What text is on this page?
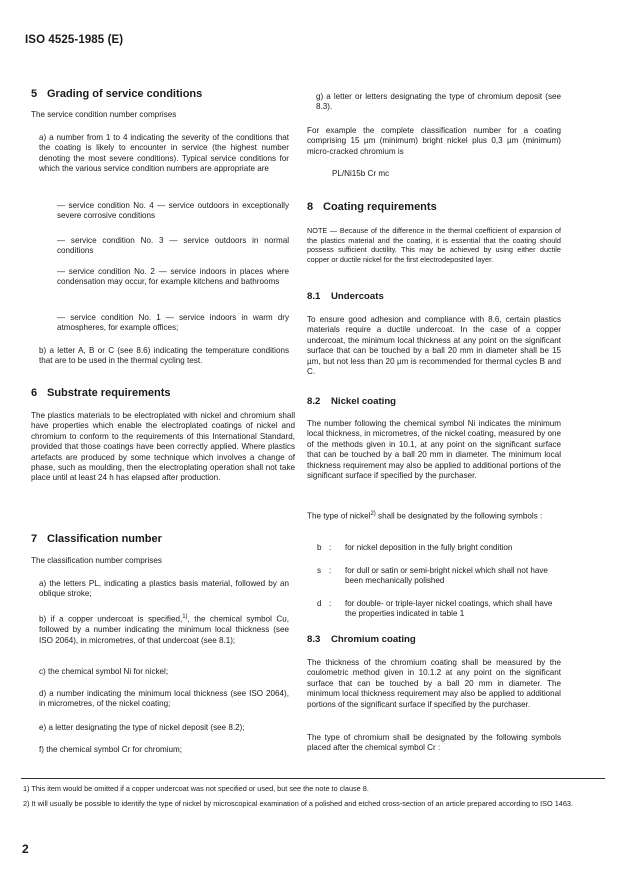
ISO 4525-1985 (E)
5 Grading of service conditions
The service condition number comprises
a) a number from 1 to 4 indicating the severity of the conditions that the coating is likely to encounter in service (the highest number denoting the most severe conditions). Typical service conditions for which the various service condition numbers are appropriate are
— service condition No. 4 — service outdoors in exceptionally severe corrosive conditions
— service condition No. 3 — service outdoors in normal conditions
— service condition No. 2 — service indoors in places where condensation may occur, for example kitchens and bathrooms
— service condition No. 1 — service indoors in warm dry atmospheres, for example offices;
b) a letter A, B or C (see 8.6) indicating the temperature conditions that are to be used in the thermal cycling test.
6 Substrate requirements
The plastics materials to be electroplated with nickel and chromium shall have properties which enable the electroplated coatings of nickel and chromium to conform to the requirements of this International Standard, provided that those coatings have been correctly applied. Where plastics artefacts are produced by some technique which involves a change of phase, such as moulding, then the electroplating operation shall not take place until at least 24 h has elapsed after production.
7 Classification number
The classification number comprises
a) the letters PL, indicating a plastics basis material, followed by an oblique stroke;
b) if a copper undercoat is specified,$^{1)}$, the chemical symbol Cu, followed by a number indicating the minimum local thickness (see ISO 2064), in micrometres, of that undercoat (see 8.1);
c) the chemical symbol Ni for nickel;
d) a number indicating the minimum local thickness (see ISO 2064), in micrometres, of the nickel coating;
e) a letter designating the type of nickel deposit (see 8.2);
f) the chemical symbol Cr for chromium;
g) a letter or letters designating the type of chromium deposit (see 8.3).
For example the complete classification number for a coating comprising 15 µm (minimum) bright nickel plus 0,3 µm (minimum) micro-cracked chromium is
PL/Ni15b Cr mc
8 Coating requirements
NOTE — Because of the difference in the thermal coefficient of expansion of the plastics material and the coating, it is essential that the coating should possess sufficient ductility. This may be achieved by using either ductile copper or ductile nickel for the first electrodeposited layer.
8.1 Undercoats
To ensure good adhesion and compliance with 8.6, certain plastics materials require a ductile undercoat. In the case of a copper undercoat, the minimum local thickness at any point on the significant surface that can be touched by a ball 20 mm in diameter shall be 15 µm, but not less than 20 µm is recommended for thermal cycles B and C.
8.2 Nickel coating
The number following the chemical symbol Ni indicates the minimum local thickness, in micrometres, of the nickel coating, measured by one of the methods given in 10.1, at any point on the significant surface that can be touched by a ball 20 mm in diameter. The minimum local thickness requirement may also be applied to additional portions of the significant surface if specified by the purchaser.
The type of nickel$^{2)}$ shall be designated by the following symbols :
b :	for nickel deposition in the fully bright condition
s :	for dull or satin or semi-bright nickel which shall not have been mechanically polished
d :	for double- or triple-layer nickel coatings, which shall have the properties indicated in table 1
8.3 Chromium coating
The thickness of the chromium coating shall be measured by the coulometric method given in 10.1.2 at any point on the significant surface that can be touched by a ball 20 mm in diameter. The minimum local thickness requirement may also be applied to additional portions of the significant surface if specified by the purchaser.
The type of chromium shall be designated by the following symbols placed after the chemical symbol Cr :
1) This item would be omitted if a copper undercoat was not specified or used, but see the note to clause 8.
2) It will usually be possible to identify the type of nickel by microscopical examination of a polished and etched cross-section of an article prepared according to ISO 1463.
2
